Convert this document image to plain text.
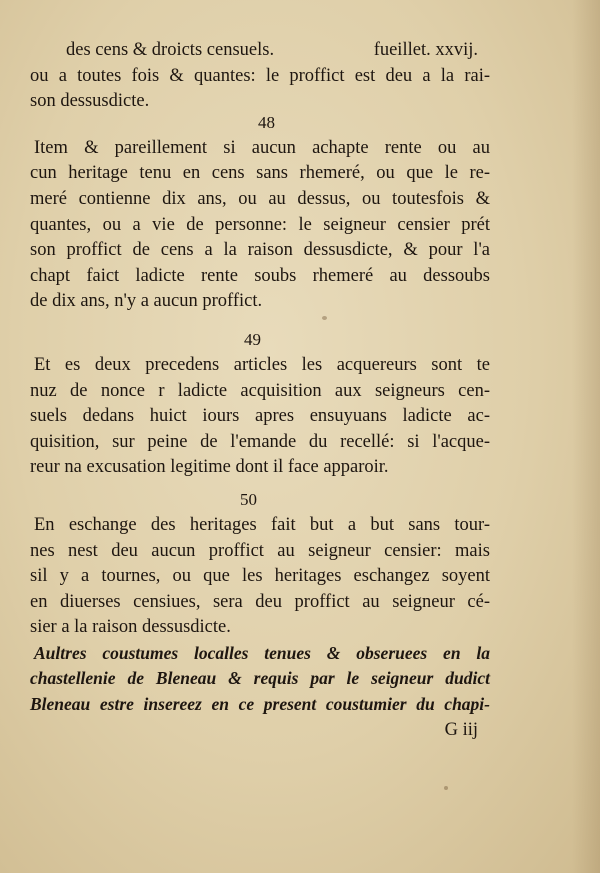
des cens & droicts censuels.	fueillet. xxvij.
ou a toutes fois & quantes: le proffict est deu a la rai-
son dessusdicte.
48
Item & pareillement si aucun achapte rente ou au
cun heritage tenu en cens sans rhemeré, ou que le re-
meré contienne dix ans, ou au dessus, ou toutesfois &
quantes, ou a vie de personne: le seigneur censier prét
son proffict de cens a la raison dessusdicte, & pour l'a
chapt faict ladicte rente soubs rhemeré au dessoubs
de dix ans, n'y a aucun proffict.
49
Et es deux precedens articles les acquereurs sont te
nuz de nonce r ladicte acquisition aux seigneurs cen-
suels dedans huict iours apres ensuyuans ladicte ac-
quisition, sur peine de l'emande du recellé: si l'acque-
reur na excusation legitime dont il face apparoir.
50
En eschange des heritages fait but a but sans tour-
nes nest deu aucun proffict au seigneur censier: mais
sil y a tournes, ou que les heritages eschangez soyent
en diuerses censiues, sera deu proffict au seigneur cé-
sier a la raison dessusdicte.
Aultres coustumes localles tenues & obseruees en la
chastellenie de Bleneau & requis par le seigneur dudict
Bleneau estre insereez en ce present coustumier du chapi-
G iij
